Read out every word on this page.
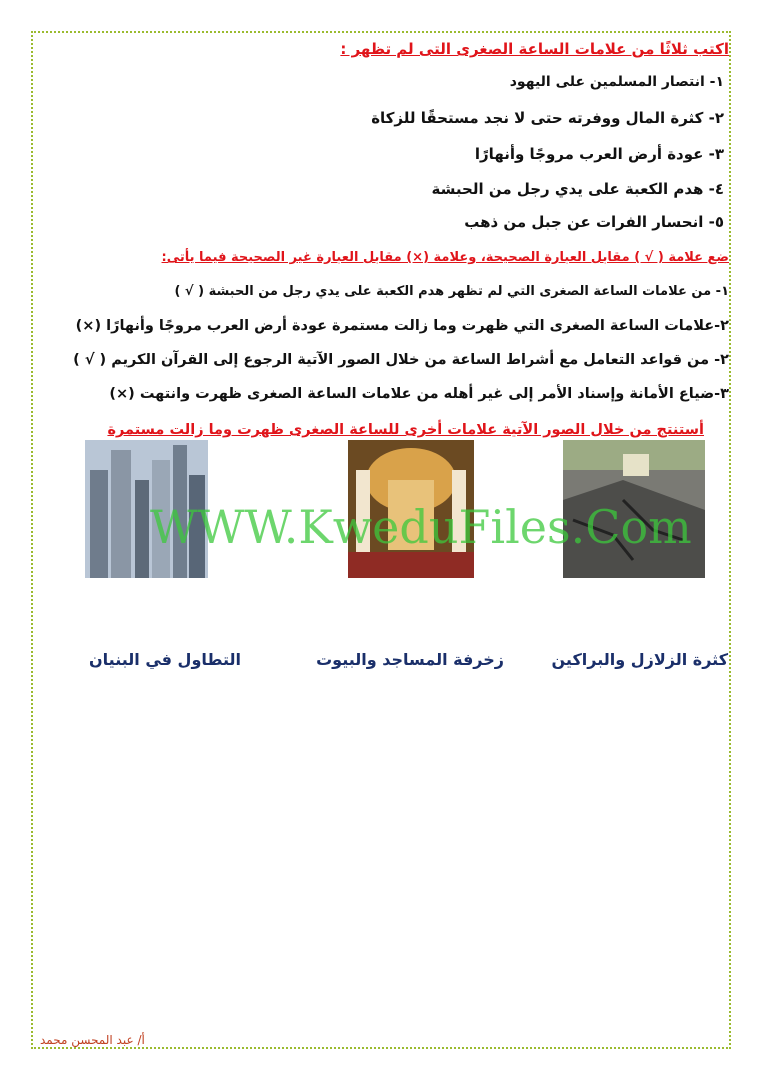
اكتب ثلاثًا من علامات الساعة الصغرى التى لم تظهر :
١- انتصار المسلمين على اليهود
٢- كثرة المال ووفرته حتى لا نجد مستحقًا للزكاة
٣- عودة أرض العرب مروجًا وأنهارًا
٤- هدم الكعبة على يدي رجل من الحبشة
٥- انحسار الفرات عن جبل من ذهب
ضع علامة ( √ ) مقابل العبارة الصحيحة، وعلامة (×) مقابل العبارة غير الصحيحة فيما يأتى:
١- من علامات الساعة الصغرى التي لم تظهر هدم الكعبة على يدي رجل من الحبشة ( √ )
٢-علامات الساعة الصغرى التي ظهرت وما زالت مستمرة عودة أرض العرب مروجًا وأنهارًا (×)
٢- من قواعد التعامل مع أشراط الساعة من خلال الصور الآتية الرجوع إلى القرآن الكريم ( √ )
٣-ضياع الأمانة وإسناد الأمر إلى غير أهله من علامات الساعة الصغرى ظهرت وانتهت (×)
أستنتج من خلال الصور الآتية علامات أخرى للساعة الصغرى ظهرت وما زالت مستمرة
WWW.KweduFiles.Com
كثرة الزلازل والبراكين
زخرفة المساجد والبيوت
التطاول في البنيان
أ/ عبد المحسن محمد
